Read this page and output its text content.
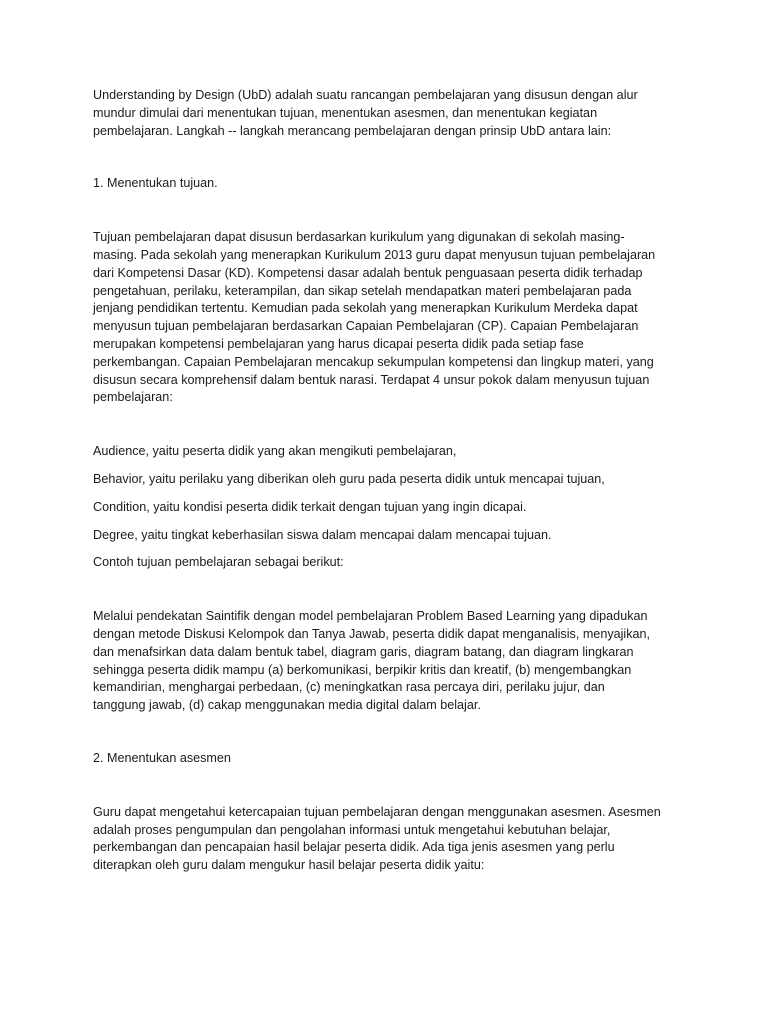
Understanding by Design (UbD) adalah suatu rancangan pembelajaran yang disusun dengan alur
mundur dimulai dari menentukan tujuan, menentukan asesmen, dan menentukan kegiatan
pembelajaran. Langkah -- langkah merancang pembelajaran dengan prinsip UbD antara lain:

1. Menentukan tujuan.

Tujuan pembelajaran dapat disusun berdasarkan kurikulum yang digunakan di sekolah masing-
masing. Pada sekolah yang menerapkan Kurikulum 2013 guru dapat menyusun tujuan pembelajaran
dari Kompetensi Dasar (KD). Kompetensi dasar adalah bentuk penguasaan peserta didik terhadap
pengetahuan, perilaku, keterampilan, dan sikap setelah mendapatkan materi pembelajaran pada
jenjang pendidikan tertentu. Kemudian pada sekolah yang menerapkan Kurikulum Merdeka dapat
menyusun tujuan pembelajaran berdasarkan Capaian Pembelajaran (CP). Capaian Pembelajaran
merupakan kompetensi pembelajaran yang harus dicapai peserta didik pada setiap fase
perkembangan. Capaian Pembelajaran mencakup sekumpulan kompetensi dan lingkup materi, yang
disusun secara komprehensif dalam bentuk narasi. Terdapat 4 unsur pokok dalam menyusun tujuan
pembelajaran:

Audience, yaitu peserta didik yang akan mengikuti pembelajaran,

Behavior, yaitu perilaku yang diberikan oleh guru pada peserta didik untuk mencapai tujuan,

Condition, yaitu kondisi peserta didik terkait dengan tujuan yang ingin dicapai.

Degree, yaitu tingkat keberhasilan siswa dalam mencapai dalam mencapai tujuan.

Contoh tujuan pembelajaran sebagai berikut:

Melalui pendekatan Saintifik dengan model pembelajaran Problem Based Learning yang dipadukan
dengan metode Diskusi Kelompok dan Tanya Jawab, peserta didik dapat menganalisis, menyajikan,
dan menafsirkan data dalam bentuk tabel, diagram garis, diagram batang, dan diagram lingkaran
sehingga peserta didik mampu (a) berkomunikasi, berpikir kritis dan kreatif, (b) mengembangkan
kemandirian, menghargai perbedaan, (c) meningkatkan rasa percaya diri, perilaku jujur, dan
tanggung jawab, (d) cakap menggunakan media digital dalam belajar.

2. Menentukan asesmen

Guru dapat mengetahui ketercapaian tujuan pembelajaran dengan menggunakan asesmen. Asesmen
adalah proses pengumpulan dan pengolahan informasi untuk mengetahui kebutuhan belajar,
perkembangan dan pencapaian hasil belajar peserta didik. Ada tiga jenis asesmen yang perlu
diterapkan oleh guru dalam mengukur hasil belajar peserta didik yaitu:
